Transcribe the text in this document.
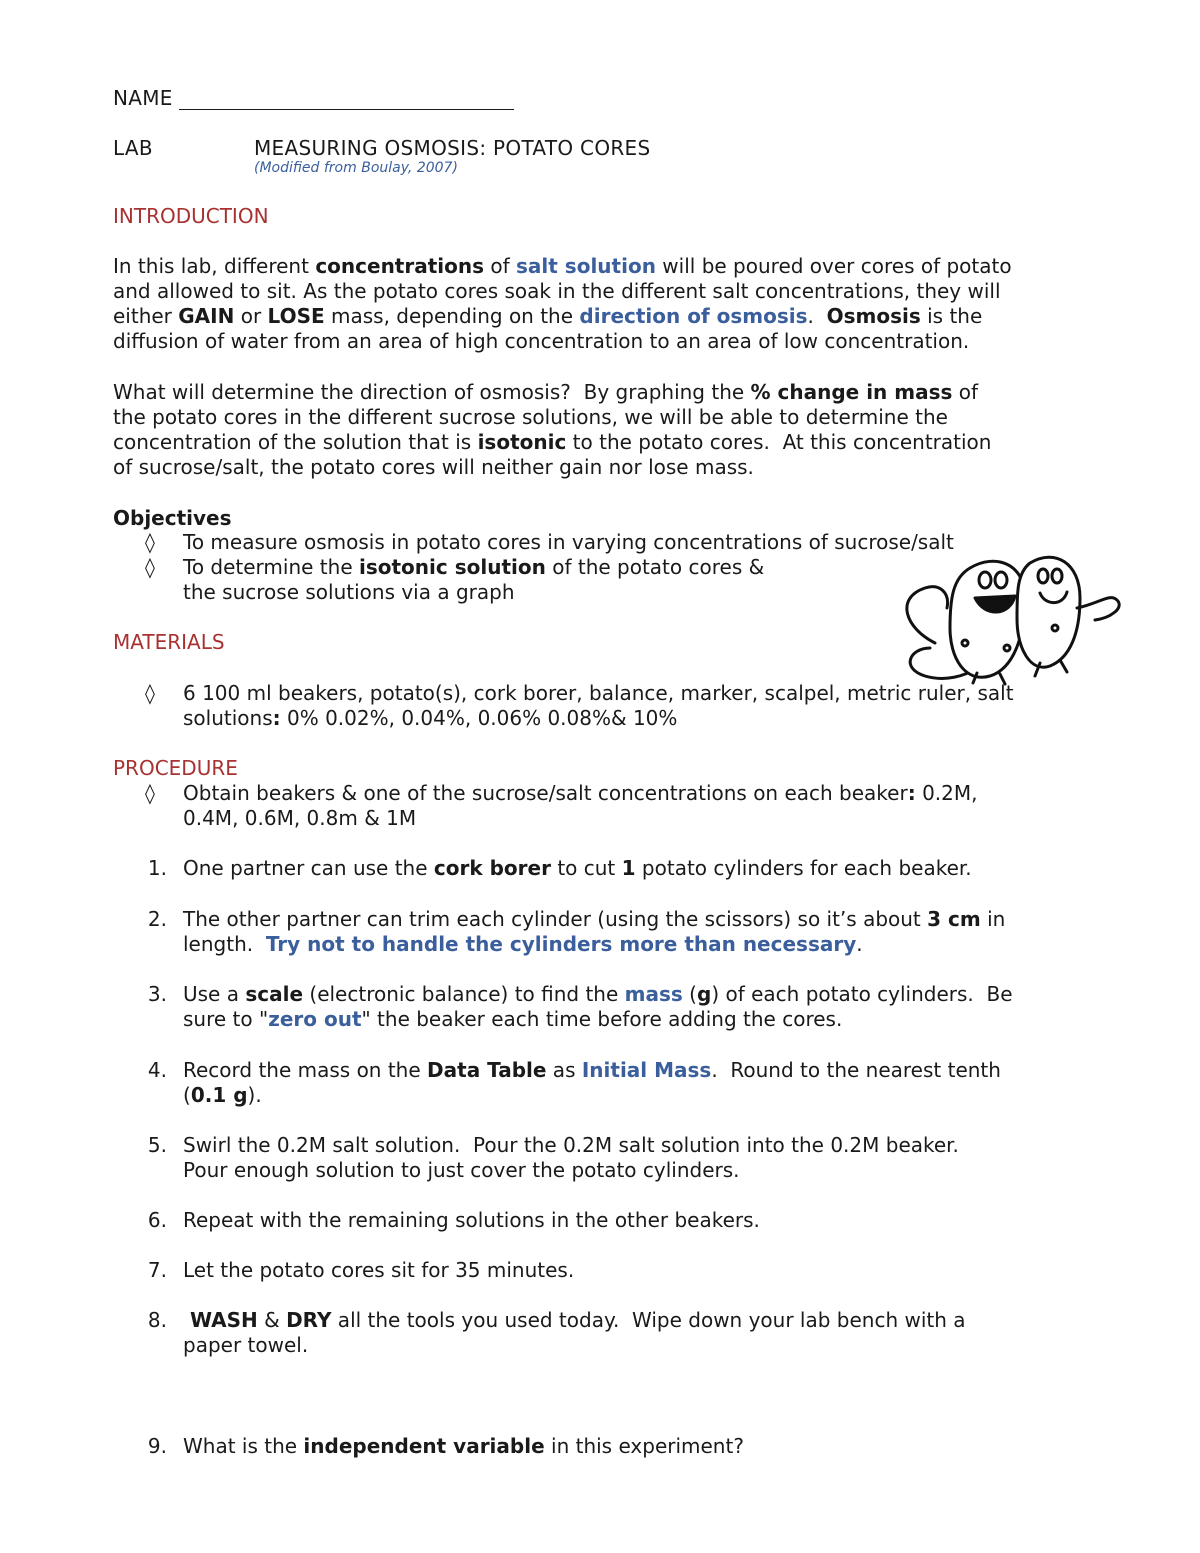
NAME
LAB	MEASURING OSMOSIS: POTATO CORES
(Modified from Boulay, 2007)
INTRODUCTION
In this lab, different concentrations of salt solution will be poured over cores of potato
and allowed to sit. As the potato cores soak in the different salt concentrations, they will
either GAIN or LOSE mass, depending on the direction of osmosis.  Osmosis is the
diffusion of water from an area of high concentration to an area of low concentration.
What will determine the direction of osmosis?  By graphing the % change in mass of
the potato cores in the different sucrose solutions, we will be able to determine the
concentration of the solution that is isotonic to the potato cores.  At this concentration
of sucrose/salt, the potato cores will neither gain nor lose mass.
Objectives
◊ To measure osmosis in potato cores in varying concentrations of sucrose/salt
◊ To determine the isotonic solution of the potato cores &
the sucrose solutions via a graph
MATERIALS
◊ 6 100 ml beakers, potato(s), cork borer, balance, marker, scalpel, metric ruler, salt
solutions: 0% 0.02%, 0.04%, 0.06% 0.08%& 10%
PROCEDURE
◊ Obtain beakers & one of the sucrose/salt concentrations on each beaker: 0.2M,
0.4M, 0.6M, 0.8m & 1M
1. One partner can use the cork borer to cut 1 potato cylinders for each beaker.
2. The other partner can trim each cylinder (using the scissors) so it’s about 3 cm in
length.  Try not to handle the cylinders more than necessary.
3. Use a scale (electronic balance) to find the mass (g) of each potato cylinders.  Be
sure to "zero out" the beaker each time before adding the cores.
4. Record the mass on the Data Table as Initial Mass.  Round to the nearest tenth
(0.1 g).
5. Swirl the 0.2M salt solution.  Pour the 0.2M salt solution into the 0.2M beaker.
Pour enough solution to just cover the potato cylinders.
6. Repeat with the remaining solutions in the other beakers.
7. Let the potato cores sit for 35 minutes.
8. WASH & DRY all the tools you used today.  Wipe down your lab bench with a
paper towel.
9. What is the independent variable in this experiment?
